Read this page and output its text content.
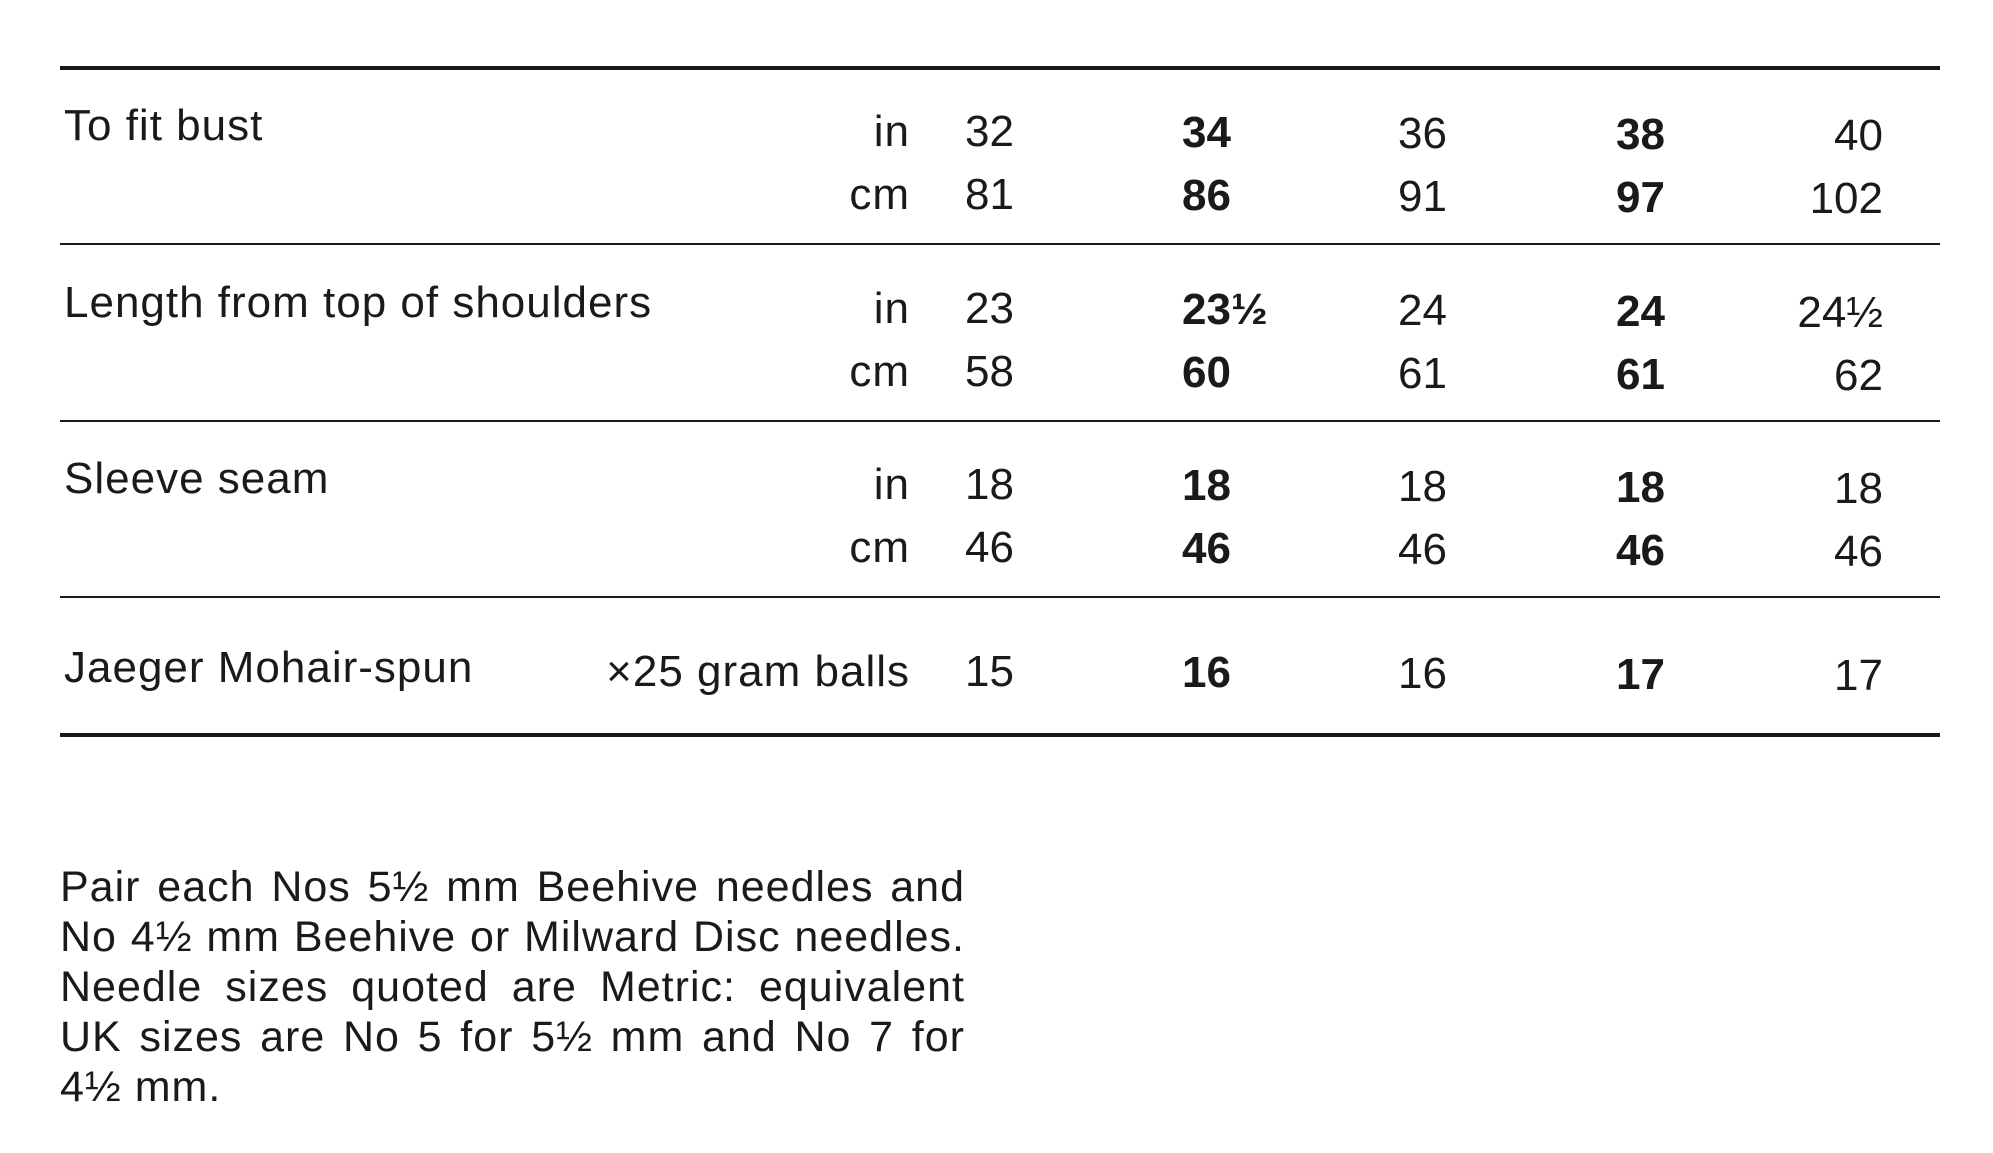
To fit bust	in 32	34	36	38	40
cm 81	86	91	97	102
Length from top of shoulders	in 23	23½	24	24	24½
cm 58	60	61	61	62
Sleeve seam	in 18	18	18	18	18
cm 46	46	46	46	46
Jaeger Mohair-spun	×25 gram balls 15	16	16	17	17

Pair each Nos 5½ mm Beehive needles and No 4½ mm Beehive or Milward Disc needles. Needle sizes quoted are Metric: equivalent UK sizes are No 5 for 5½ mm and No 7 for 4½ mm.
